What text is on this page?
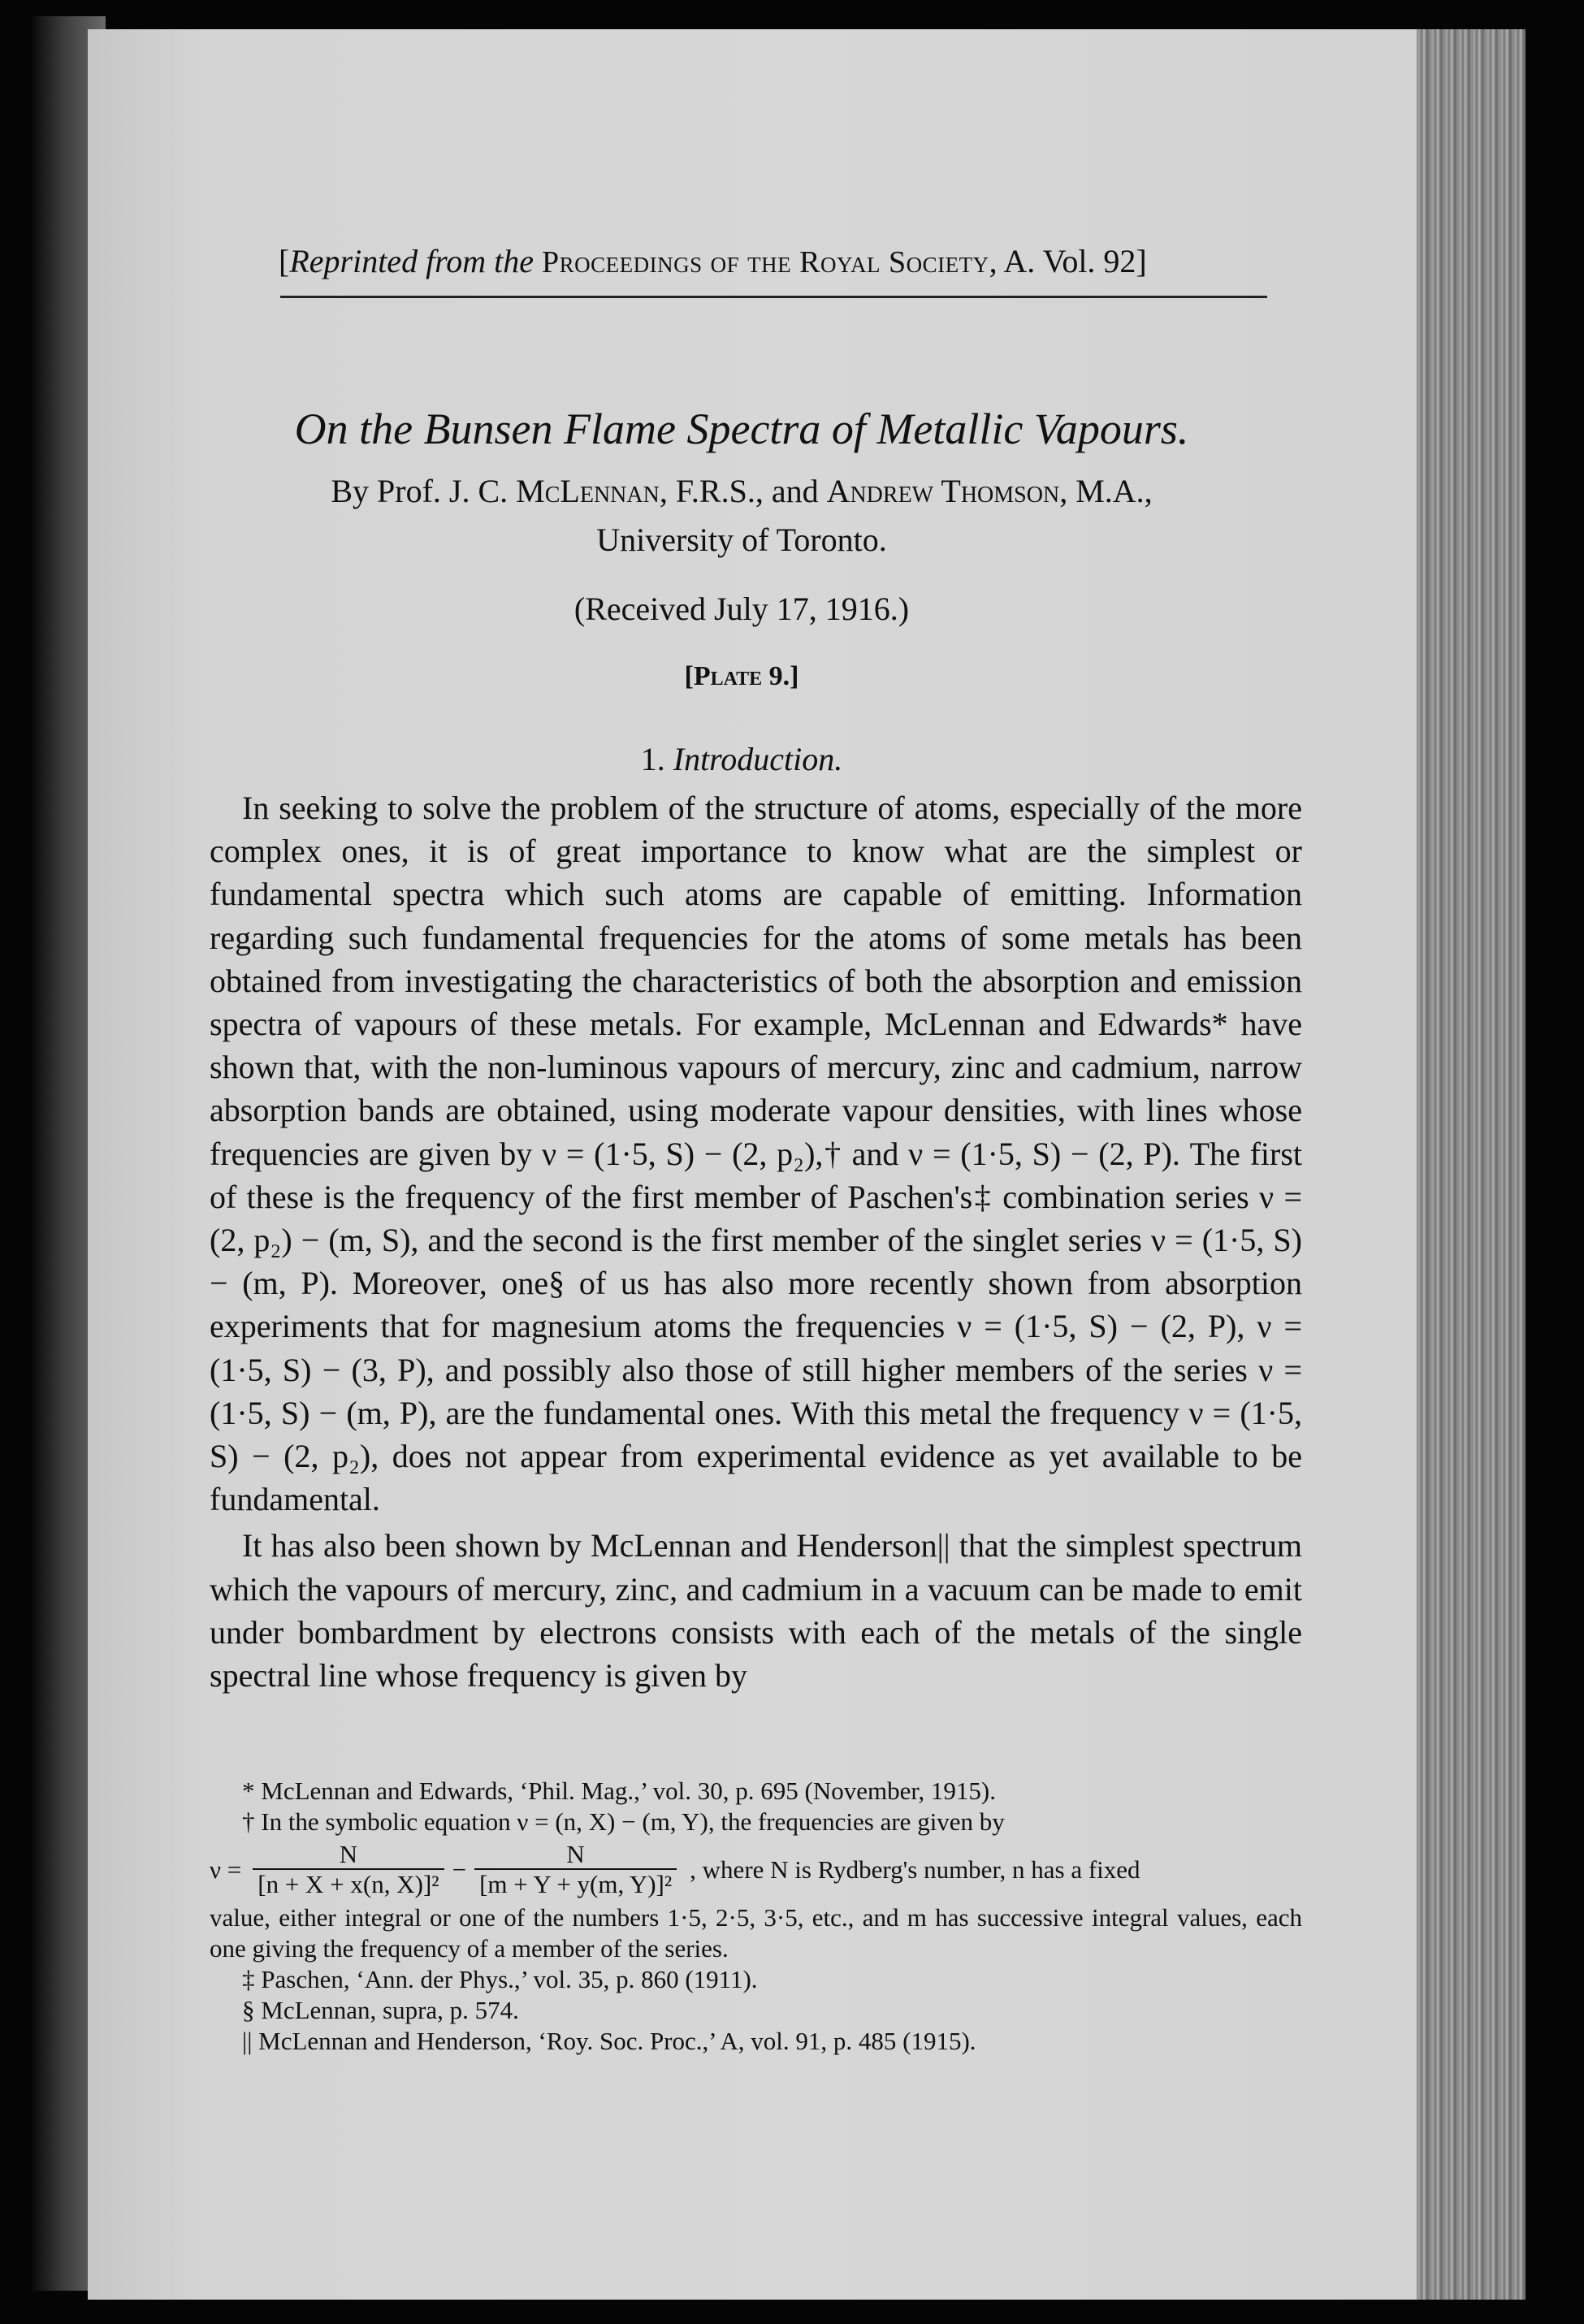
[Reprinted from the Proceedings of the Royal Society, A. Vol. 92]
On the Bunsen Flame Spectra of Metallic Vapours.
By Prof. J. C. McLennan, F.R.S., and Andrew Thomson, M.A.,
University of Toronto.
(Received July 17, 1916.)
[Plate 9.]
1. Introduction.

In seeking to solve the problem of the structure of atoms, especially of the more complex ones, it is of great importance to know what are the simplest or fundamental spectra which such atoms are capable of emitting. Information regarding such fundamental frequencies for the atoms of some metals has been obtained from investigating the characteristics of both the absorption and emission spectra of vapours of these metals. For example, McLennan and Edwards* have shown that, with the non-luminous vapours of mercury, zinc and cadmium, narrow absorption bands are obtained, using moderate vapour densities, with lines whose frequencies are given by ν = (1·5, S) − (2, p₂),† and ν = (1·5, S) − (2, P). The first of these is the frequency of the first member of Paschen's‡ combination series ν = (2, p₂) − (m, S), and the second is the first member of the singlet series ν = (1·5, S) − (m, P). Moreover, one§ of us has also more recently shown from absorption experiments that for magnesium atoms the frequencies ν = (1·5, S) − (2, P), ν = (1·5, S) − (3, P), and possibly also those of still higher members of the series ν = (1·5, S) − (m, P), are the fundamental ones. With this metal the frequency ν = (1·5, S) − (2, p₂), does not appear from experimental evidence as yet available to be fundamental.

It has also been shown by McLennan and Henderson|| that the simplest spectrum which the vapours of mercury, zinc, and cadmium in a vacuum can be made to emit under bombardment by electrons consists with each of the metals of the single spectral line whose frequency is given by

* McLennan and Edwards, ‘Phil. Mag.,’ vol. 30, p. 695 (November, 1915).

† In the symbolic equation ν = (n, X) − (m, Y), the frequencies are given by

$\nu = \frac{N}{\text{[n + X + x(n, X)]²}} - \frac{N}{\text{[m + Y + y(m, Y)]²}}$ , where N is Rydberg's number, n has a fixed

value, either integral or one of the numbers 1·5, 2·5, 3·5, etc., and m has successive integral values, each one giving the frequency of a member of the series.

‡ Paschen, ‘Ann. der Phys.,’ vol. 35, p. 860 (1911).

§ McLennan, supra, p. 574.

|| McLennan and Henderson, ‘Roy. Soc. Proc.,’ A, vol. 91, p. 485 (1915).
